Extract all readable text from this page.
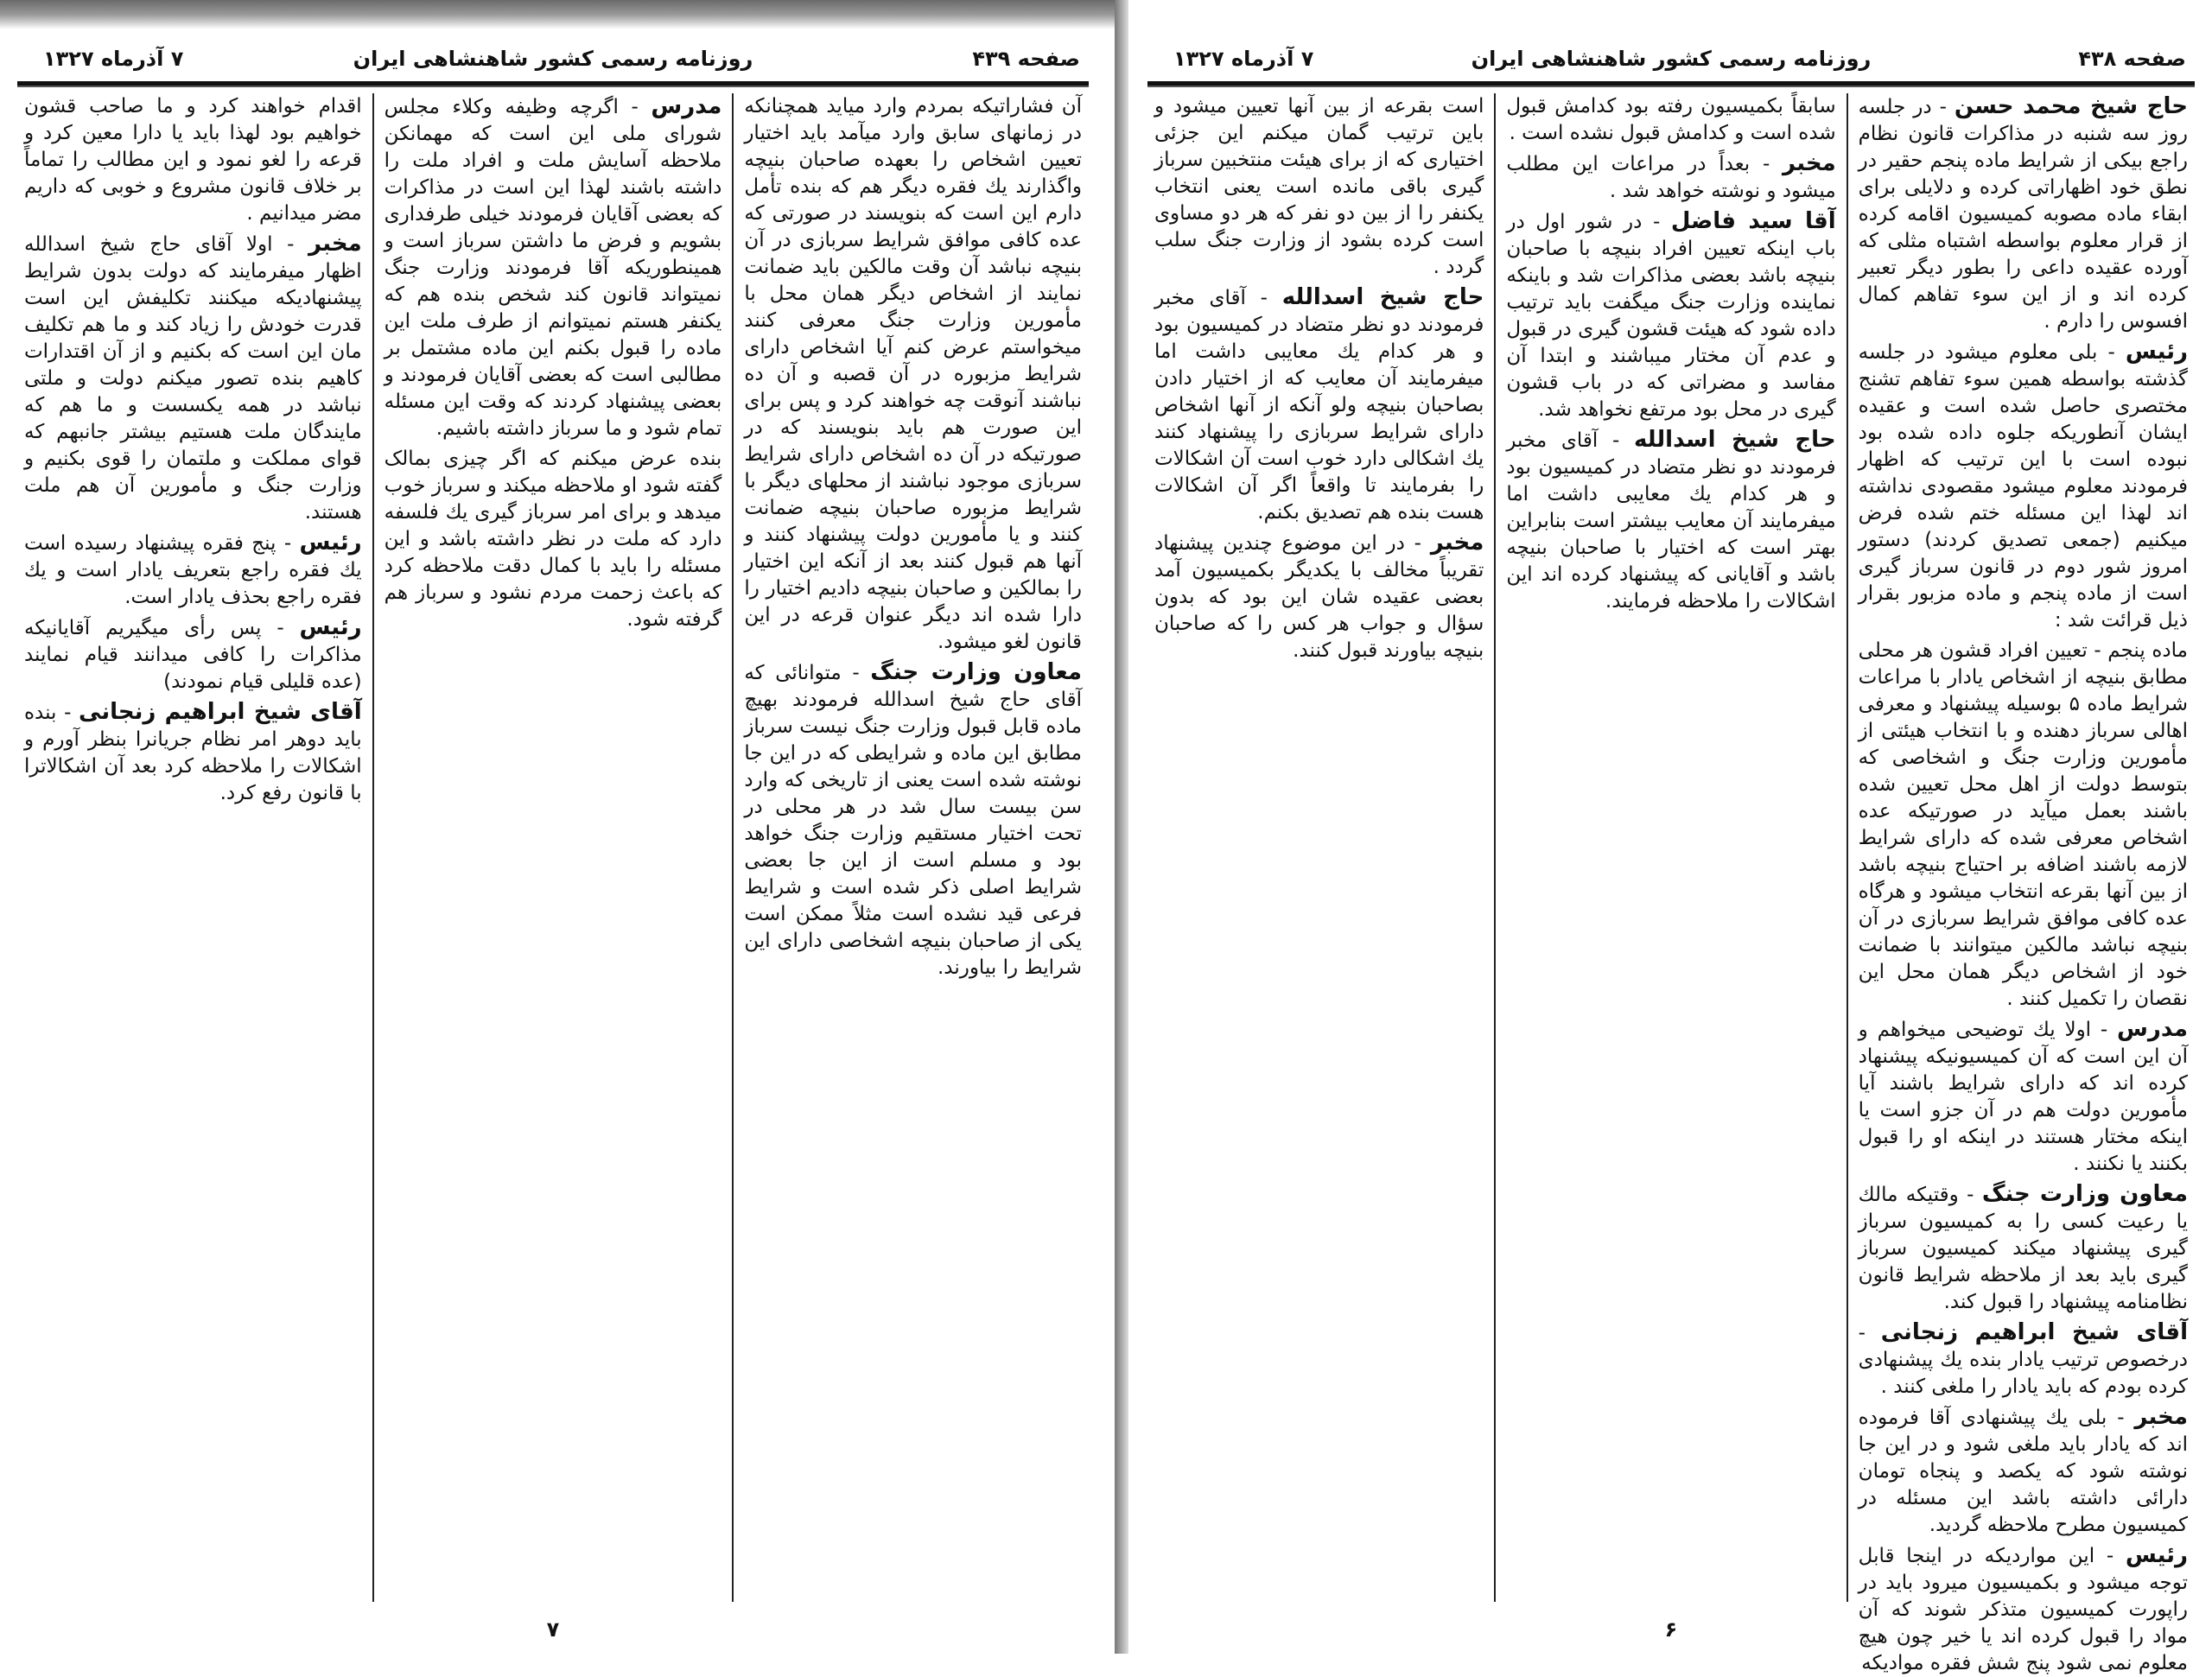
صفحه ۴۳۹
روزنامه رسمی کشور شاهنشاهی ایران
۷ آذرماه ۱۳۲۷

آن فشاراتیکه بمردم وارد میاید همچنانکه در زمانهای سابق وارد میآمد باید اختیار تعیین اشخاص را بعهده صاحبان بنیچه واگذارند یك فقره دیگر هم که بنده تأمل دارم این است که بنویسند در صورتی که عده کافی موافق شرایط سربازی در آن بنیچه نباشد آن وقت مالکین باید ضمانت نمایند از اشخاص دیگر همان محل با مأمورین وزارت جنگ معرفی کنند میخواستم عرض کنم آیا اشخاص دارای شرایط مزبوره در آن قصبه و آن ده نباشند آنوقت چه خواهند کرد و پس برای این صورت هم باید بنویسند که در صورتیکه در آن ده اشخاص دارای شرایط سربازی موجود نباشند از محلهای دیگر با شرایط مزبوره صاحبان بنیچه ضمانت کنند و یا مأمورین دولت پیشنهاد کنند و آنها هم قبول کنند بعد از آنکه این اختیار را بمالکین و صاحبان بنیچه دادیم اختیار را دارا شده اند دیگر عنوان قرعه در این قانون لغو میشود.

معاون وزارت جنگ - متوانائی که آقای حاج شیخ اسدالله فرمودند بهیچ ماده قابل قبول وزارت جنگ نیست سرباز مطابق این ماده و شرایطی که در این جا نوشته شده است یعنی از تاریخی که وارد سن بیست سال شد در هر محلی در تحت اختیار مستقیم وزارت جنگ خواهد بود و مسلم است از این جا بعضی شرایط اصلی ذکر شده است و شرایط فرعی قید نشده است مثلاً ممکن است یکی از صاحبان بنیچه اشخاصی دارای این شرایط را بیاورند.

مدرس - اگرچه وظیفه وکلاء مجلس شورای ملی این است که مهمانکن ملاحظه آسایش ملت و افراد ملت را داشته باشند لهذا این است در مذاکرات که بعضی آقایان فرمودند خیلی طرفداری بشویم و فرض ما داشتن سرباز است و همینطوریکه آقا فرمودند وزارت جنگ نمیتواند قانون کند شخص بنده هم که یکنفر هستم نمیتوانم از طرف ملت این ماده را قبول بکنم این ماده مشتمل بر مطالبی است که بعضی آقایان فرمودند و بعضی پیشنهاد کردند که وقت این مسئله تمام شود و ما سرباز داشته باشیم.

بنده عرض میکنم که اگر چیزی بمالک گفته شود او ملاحظه میکند و سرباز خوب میدهد و برای امر سرباز گیری یك فلسفه دارد که ملت در نظر داشته باشد و این مسئله را باید با کمال دقت ملاحظه کرد که باعث زحمت مردم نشود و سرباز هم گرفته شود.

اقدام خواهند کرد و ما صاحب قشون خواهیم بود لهذا باید یا دارا معین کرد و قرعه را لغو نمود و این مطالب را تماماً بر خلاف قانون مشروع و خوبی که داریم مضر میدانیم .

مخبر - اولا آقای حاج شیخ اسدالله اظهار میفرمایند که دولت بدون شرایط پیشنهادیکه میکنند تکلیفش این است قدرت خودش را زیاد کند و ما هم تکلیف مان این است که بکنیم و از آن اقتدارات کاهیم بنده تصور میکنم دولت و ملتی نباشد در همه یکسست و ما هم که مایندگان ملت هستیم بیشتر جانبهم که قوای مملکت و ملتمان را قوی بکنیم و وزارت جنگ و مأمورین آن هم ملت هستند.

رئیس - پنج فقره پیشنهاد رسیده است یك فقره راجع بتعریف یادار است و یك فقره راجع بحذف یادار است.

رئیس - پس رأی میگیریم آقایانیکه مذاکرات را کافی میدانند قیام نمایند (عده قلیلی قیام نمودند)

آقای شیخ ابراهیم زنجانی - بنده باید دوهر امر نظام جریانرا بنظر آورم و اشکالات را ملاحظه کرد بعد آن اشکالاترا با قانون رفع کرد.

۷
صفحه ۴۳۸
روزنامه رسمی کشور شاهنشاهی ایران
۷ آذرماه ۱۳۲۷

حاج شیخ محمد حسن - در جلسه روز سه شنبه در مذاکرات قانون نظام راجع بیکی از شرایط ماده پنجم حقیر در نطق خود اظهاراتی کرده و دلایلی برای ابقاء ماده مصوبه کمیسیون اقامه کرده از قرار معلوم بواسطه اشتباه مثلی که آورده عقیده داعی را بطور دیگر تعبیر کرده اند و از این سوء تفاهم کمال افسوس را دارم .

رئیس - بلی معلوم میشود در جلسه گذشته بواسطه همین سوء تفاهم تشنج مختصری حاصل شده است و عقیده ایشان آنطوریکه جلوه داده شده بود نبوده است با این ترتیب که اظهار فرمودند معلوم میشود مقصودی نداشته اند لهذا این مسئله ختم شده فرض میکنیم (جمعی تصدیق کردند) دستور امروز شور دوم در قانون سرباز گیری است از ماده پنجم و ماده مزبور بقرار ذیل قرائت شد :

ماده پنجم - تعیین افراد قشون هر محلی مطابق بنیچه از اشخاص یادار با مراعات شرایط ماده ۵ بوسیله پیشنهاد و معرفی اهالی سرباز دهنده و با انتخاب هیئتی از مأمورین وزارت جنگ و اشخاصی که بتوسط دولت از اهل محل تعیین شده باشند بعمل میآید در صورتیکه عده اشخاص معرفی شده که دارای شرایط لازمه باشند اضافه بر احتیاج بنیچه باشد از بین آنها بقرعه انتخاب میشود و هرگاه عده کافی موافق شرایط سربازی در آن بنیچه نباشد مالکین میتوانند با ضمانت خود از اشخاص دیگر همان محل این نقصان را تکمیل کنند .

مدرس - اولا یك توضیحی میخواهم و آن این است که آن کمیسیونیکه پیشنهاد کرده اند که دارای شرایط باشند آیا مأمورین دولت هم در آن جزو است یا اینکه مختار هستند در اینکه او را قبول بکنند یا نکنند .

معاون وزارت جنگ - وقتیکه مالك یا رعیت کسی را به کمیسیون سرباز گیری پیشنهاد میکند کمیسیون سرباز گیری باید بعد از ملاحظه شرایط قانون نظامنامه پیشنهاد را قبول کند.

آقای شیخ ابراهیم زنجانی - درخصوص ترتیب یادار بنده یك پیشنهادی کرده بودم که باید یادار را ملغی کنند .

مخبر - بلی یك پیشنهادی آقا فرموده اند که یادار باید ملغی شود و در این جا نوشته شود که یکصد و پنجاه تومان دارائی داشته باشد این مسئله در کمیسیون مطرح ملاحظه گردید.

رئیس - این مواردیکه در اینجا قابل توجه میشود و بکمیسیون میرود باید در راپورت کمیسیون متذکر شوند که آن مواد را قبول کرده اند یا خیر چون هیچ معلوم نمی شود پنج شش فقره موادیکه

سابقاً بکمیسیون رفته بود کدامش قبول شده است و کدامش قبول نشده است .

مخبر - بعداً در مراعات این مطلب میشود و نوشته خواهد شد .

آقا سید فاضل - در شور اول در باب اینکه تعیین افراد بنیچه با صاحبان بنیچه باشد بعضی مذاکرات شد و باینکه نماینده وزارت جنگ میگفت باید ترتیب داده شود که هیئت قشون گیری در قبول و عدم آن مختار میباشند و ابتدا آن مفاسد و مضراتی که در باب قشون گیری در محل بود مرتفع نخواهد شد.

حاج شیخ اسدالله - آقای مخبر فرمودند دو نظر متضاد در کمیسیون بود و هر کدام یك معایبی داشت اما میفرمایند آن معایب بیشتر است بنابراین بهتر است که اختیار با صاحبان بنیچه باشد و آقایانی که پیشنهاد کرده اند این اشکالات را ملاحظه فرمایند.

است بقرعه از بین آنها تعیین میشود و باین ترتیب گمان میکنم این جزئی اختیاری که از برای هیئت منتخبین سرباز گیری باقی مانده است یعنی انتخاب یکنفر را از بین دو نفر که هر دو مساوی است کرده بشود از وزارت جنگ سلب گردد .

حاج شیخ اسدالله - آقای مخبر فرمودند دو نظر متضاد در کمیسیون بود و هر کدام یك معایبی داشت اما میفرمایند آن معایب که از اختیار دادن بصاحبان بنیچه ولو آنکه از آنها اشخاص دارای شرایط سربازی را پیشنهاد کنند یك اشکالی دارد خوب است آن اشکالات را بفرمایند تا واقعاً اگر آن اشکالات هست بنده هم تصدیق بکنم.

مخبر - در این موضوع چندین پیشنهاد تقریباً مخالف با یکدیگر بکمیسیون آمد بعضی عقیده شان این بود که بدون سؤال و جواب هر کس را که صاحبان بنیچه بیاورند قبول کنند.

۶
